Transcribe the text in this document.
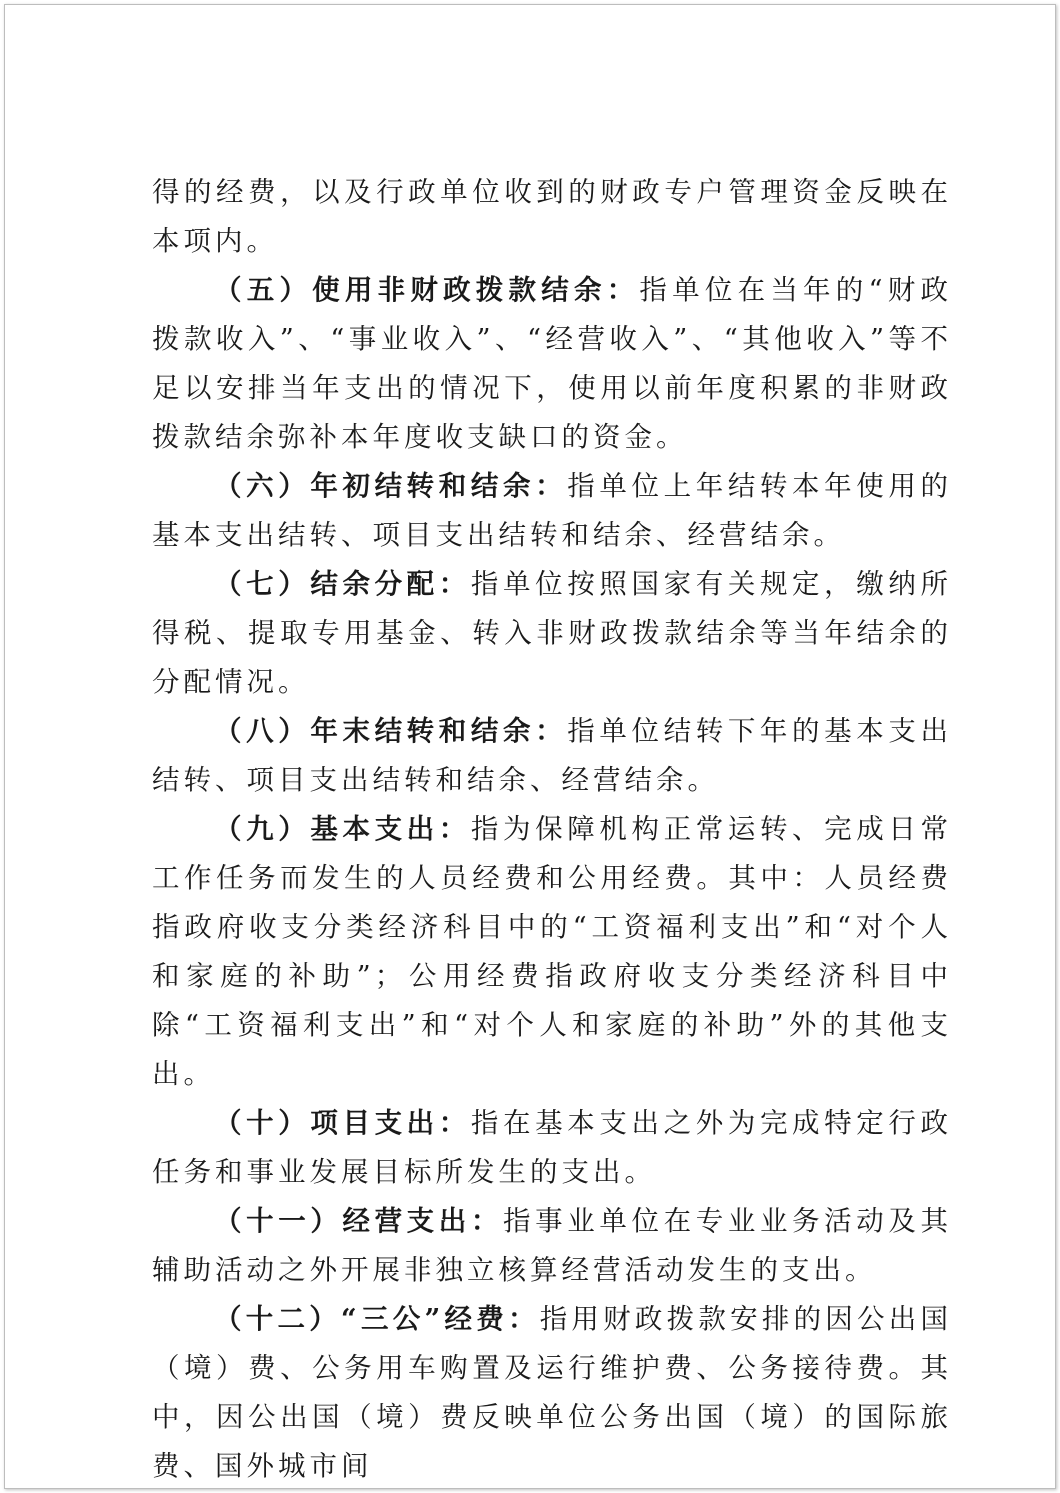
得的经费，以及行政单位收到的财政专户管理资金反映在本项内。

（五）使用非财政拨款结余：指单位在当年的“财政拨款收入”、“事业收入”、“经营收入”、“其他收入”等不足以安排当年支出的情况下，使用以前年度积累的非财政拨款结余弥补本年度收支缺口的资金。

（六）年初结转和结余：指单位上年结转本年使用的基本支出结转、项目支出结转和结余、经营结余。

（七）结余分配：指单位按照国家有关规定，缴纳所得税、提取专用基金、转入非财政拨款结余等当年结余的分配情况。

（八）年末结转和结余：指单位结转下年的基本支出结转、项目支出结转和结余、经营结余。

（九）基本支出：指为保障机构正常运转、完成日常工作任务而发生的人员经费和公用经费。其中：人员经费指政府收支分类经济科目中的“工资福利支出”和“对个人和家庭的补助”；公用经费指政府收支分类经济科目中除“工资福利支出”和“对个人和家庭的补助”外的其他支出。

（十）项目支出：指在基本支出之外为完成特定行政任务和事业发展目标所发生的支出。

（十一）经营支出：指事业单位在专业业务活动及其辅助活动之外开展非独立核算经营活动发生的支出。

（十二）“三公”经费：指用财政拨款安排的因公出国（境）费、公务用车购置及运行维护费、公务接待费。其中，因公出国（境）费反映单位公务出国（境）的国际旅费、国外城市间
